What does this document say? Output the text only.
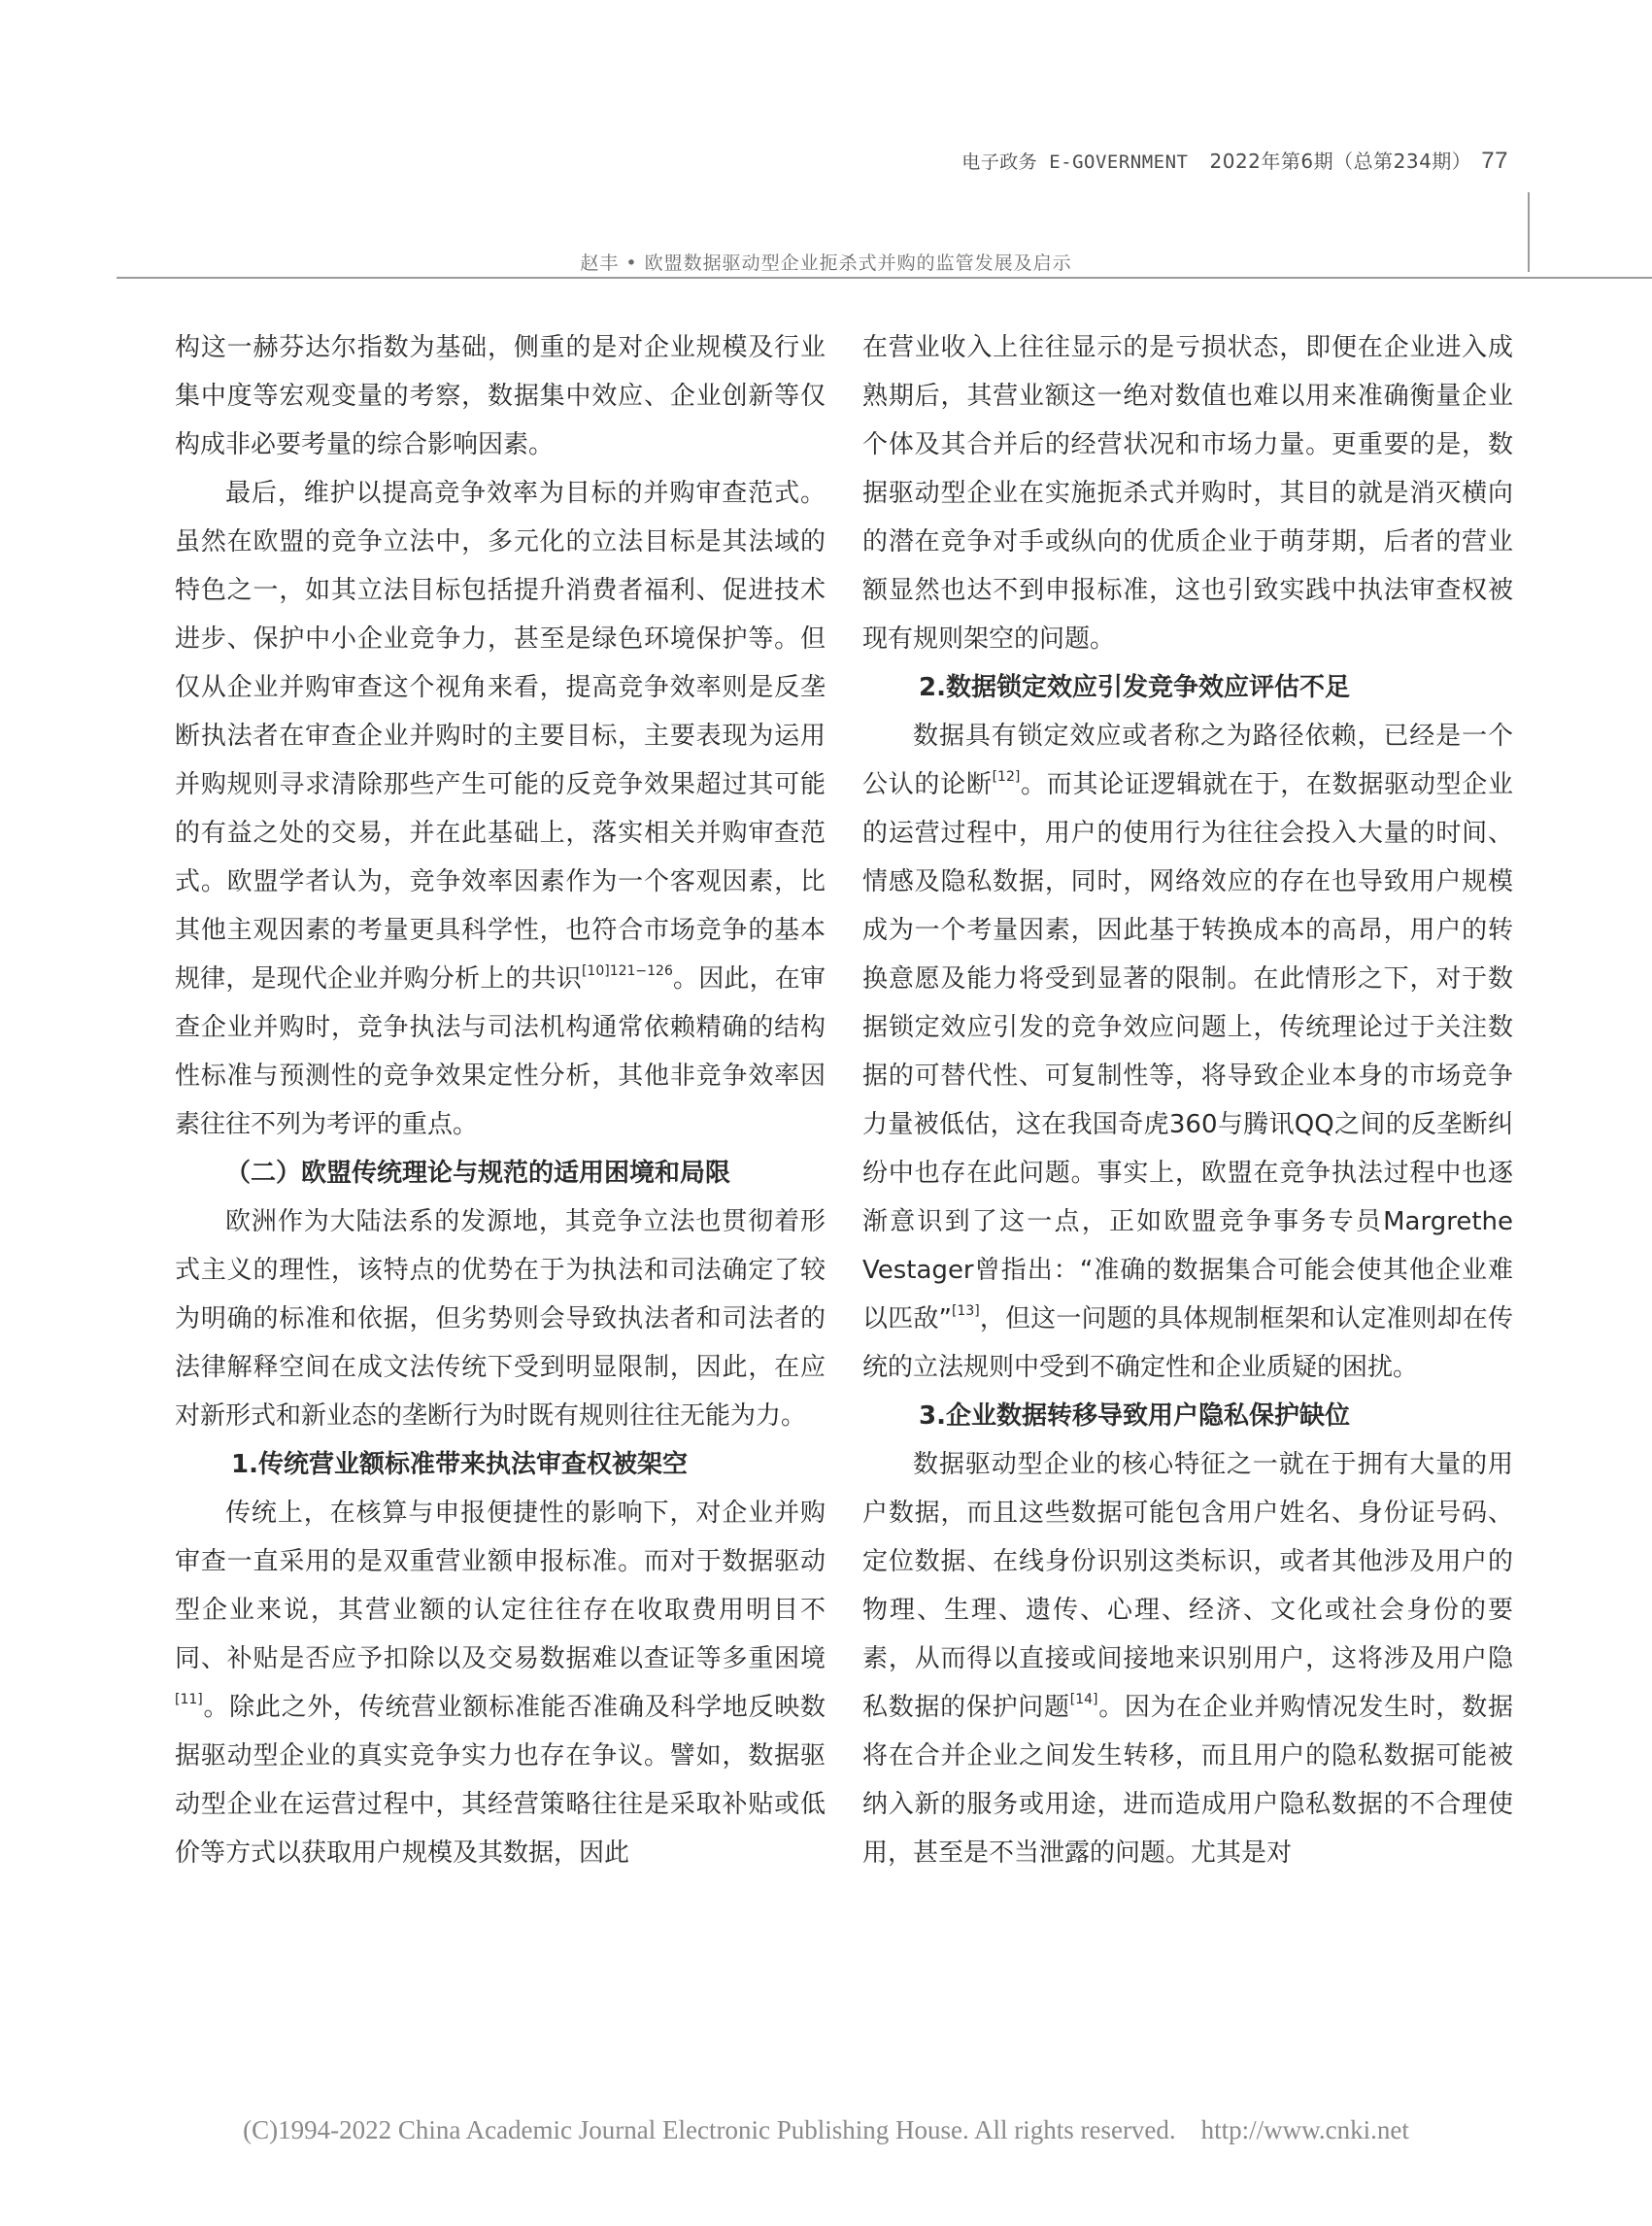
电子政务 E-GOVERNMENT 2022年第6期（总第234期） 77
赵丰 • 欧盟数据驱动型企业扼杀式并购的监管发展及启示

构这一赫芬达尔指数为基础，侧重的是对企业规模及行业集中度等宏观变量的考察，数据集中效应、企业创新等仅构成非必要考量的综合影响因素。

最后，维护以提高竞争效率为目标的并购审查范式。虽然在欧盟的竞争立法中，多元化的立法目标是其法域的特色之一，如其立法目标包括提升消费者福利、促进技术进步、保护中小企业竞争力，甚至是绿色环境保护等。但仅从企业并购审查这个视角来看，提高竞争效率则是反垄断执法者在审查企业并购时的主要目标，主要表现为运用并购规则寻求清除那些产生可能的反竞争效果超过其可能的有益之处的交易，并在此基础上，落实相关并购审查范式。欧盟学者认为，竞争效率因素作为一个客观因素，比其他主观因素的考量更具科学性，也符合市场竞争的基本规律，是现代企业并购分析上的共识$^{[10]121-126}$。因此，在审查企业并购时，竞争执法与司法机构通常依赖精确的结构性标准与预测性的竞争效果定性分析，其他非竞争效率因素往往不列为考评的重点。

（二）欧盟传统理论与规范的适用困境和局限

欧洲作为大陆法系的发源地，其竞争立法也贯彻着形式主义的理性，该特点的优势在于为执法和司法确定了较为明确的标准和依据，但劣势则会导致执法者和司法者的法律解释空间在成文法传统下受到明显限制，因此，在应对新形式和新业态的垄断行为时既有规则往往无能为力。

1.传统营业额标准带来执法审查权被架空

传统上，在核算与申报便捷性的影响下，对企业并购审查一直采用的是双重营业额申报标准。而对于数据驱动型企业来说，其营业额的认定往往存在收取费用明目不同、补贴是否应予扣除以及交易数据难以查证等多重困境[11]。除此之外，传统营业额标准能否准确及科学地反映数据驱动型企业的真实竞争实力也存在争议。譬如，数据驱动型企业在运营过程中，其经营策略往往是采取补贴或低价等方式以获取用户规模及其数据，因此

在营业收入上往往显示的是亏损状态，即便在企业进入成熟期后，其营业额这一绝对数值也难以用来准确衡量企业个体及其合并后的经营状况和市场力量。更重要的是，数据驱动型企业在实施扼杀式并购时，其目的就是消灭横向的潜在竞争对手或纵向的优质企业于萌芽期，后者的营业额显然也达不到申报标准，这也引致实践中执法审查权被现有规则架空的问题。

2.数据锁定效应引发竞争效应评估不足

数据具有锁定效应或者称之为路径依赖，已经是一个公认的论断[12]。而其论证逻辑就在于，在数据驱动型企业的运营过程中，用户的使用行为往往会投入大量的时间、情感及隐私数据，同时，网络效应的存在也导致用户规模成为一个考量因素，因此基于转换成本的高昂，用户的转换意愿及能力将受到显著的限制。在此情形之下，对于数据锁定效应引发的竞争效应问题上，传统理论过于关注数据的可替代性、可复制性等，将导致企业本身的市场竞争力量被低估，这在我国奇虎360与腾讯QQ之间的反垄断纠纷中也存在此问题。事实上，欧盟在竞争执法过程中也逐渐意识到了这一点，正如欧盟竞争事务专员Margrethe Vestager曾指出：“准确的数据集合可能会使其他企业难以匹敌”[13]，但这一问题的具体规制框架和认定准则却在传统的立法规则中受到不确定性和企业质疑的困扰。

3.企业数据转移导致用户隐私保护缺位

数据驱动型企业的核心特征之一就在于拥有大量的用户数据，而且这些数据可能包含用户姓名、身份证号码、定位数据、在线身份识别这类标识，或者其他涉及用户的物理、生理、遗传、心理、经济、文化或社会身份的要素，从而得以直接或间接地来识别用户，这将涉及用户隐私数据的保护问题[14]。因为在企业并购情况发生时，数据将在合并企业之间发生转移，而且用户的隐私数据可能被纳入新的服务或用途，进而造成用户隐私数据的不合理使用，甚至是不当泄露的问题。尤其是对

(C)1994-2022 China Academic Journal Electronic Publishing House. All rights reserved. http://www.cnki.net
